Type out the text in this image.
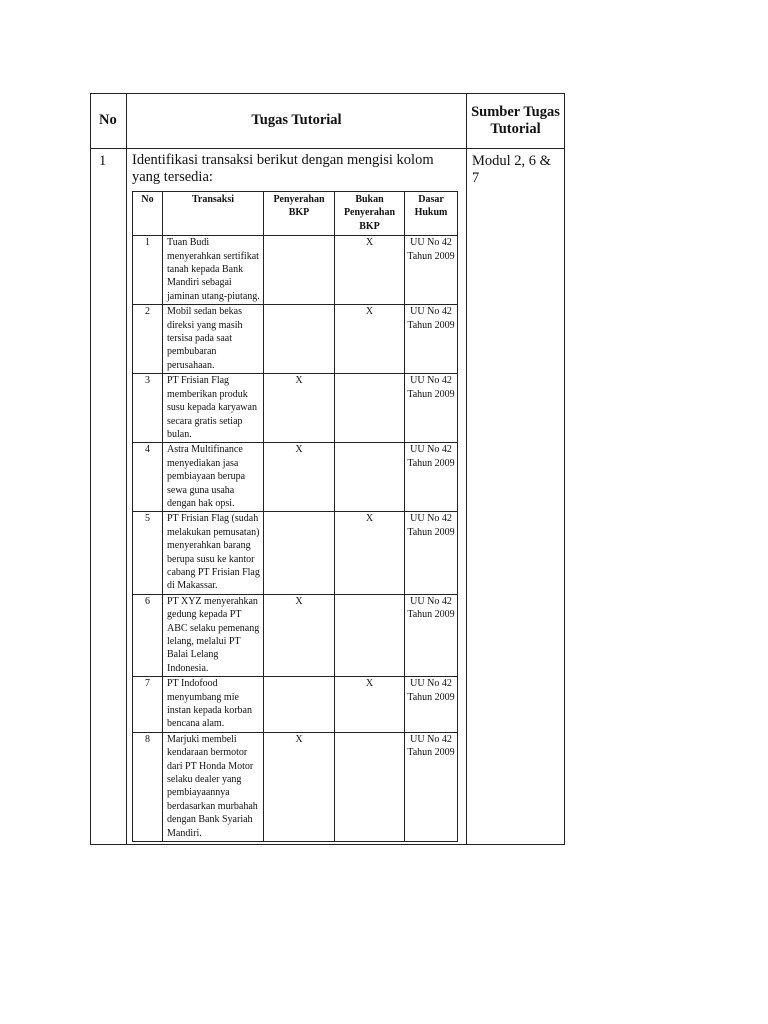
No	Tugas Tutorial	Sumber Tugas Tutorial
1	Identifikasi transaksi berikut dengan mengisi kolom yang tersedia:
No	Transaksi	Penyerahan BKP	Bukan Penyerahan BKP	Dasar Hukum
1	Tuan Budi menyerahkan sertifikat tanah kepada Bank Mandiri sebagai jaminan utang-piutang.		X	UU No 42 Tahun 2009
2	Mobil sedan bekas direksi yang masih tersisa pada saat pembubaran perusahaan.		X	UU No 42 Tahun 2009
3	PT Frisian Flag memberikan produk susu kepada karyawan secara gratis setiap bulan.	X		UU No 42 Tahun 2009
4	Astra Multifinance menyediakan jasa pembiayaan berupa sewa guna usaha dengan hak opsi.	X		UU No 42 Tahun 2009
5	PT Frisian Flag (sudah melakukan pemusatan) menyerahkan barang berupa susu ke kantor cabang PT Frisian Flag di Makassar.		X	UU No 42 Tahun 2009
6	PT XYZ menyerahkan gedung kepada PT ABC selaku pemenang lelang, melalui PT Balai Lelang Indonesia.	X		UU No 42 Tahun 2009
7	PT Indofood menyumbang mie instan kepada korban bencana alam.		X	UU No 42 Tahun 2009
8	Marjuki membeli kendaraan bermotor dari PT Honda Motor selaku dealer yang pembiayaannya berdasarkan murbahah dengan Bank Syariah Mandiri.	X		UU No 42 Tahun 2009
	Modul 2, 6 & 7
